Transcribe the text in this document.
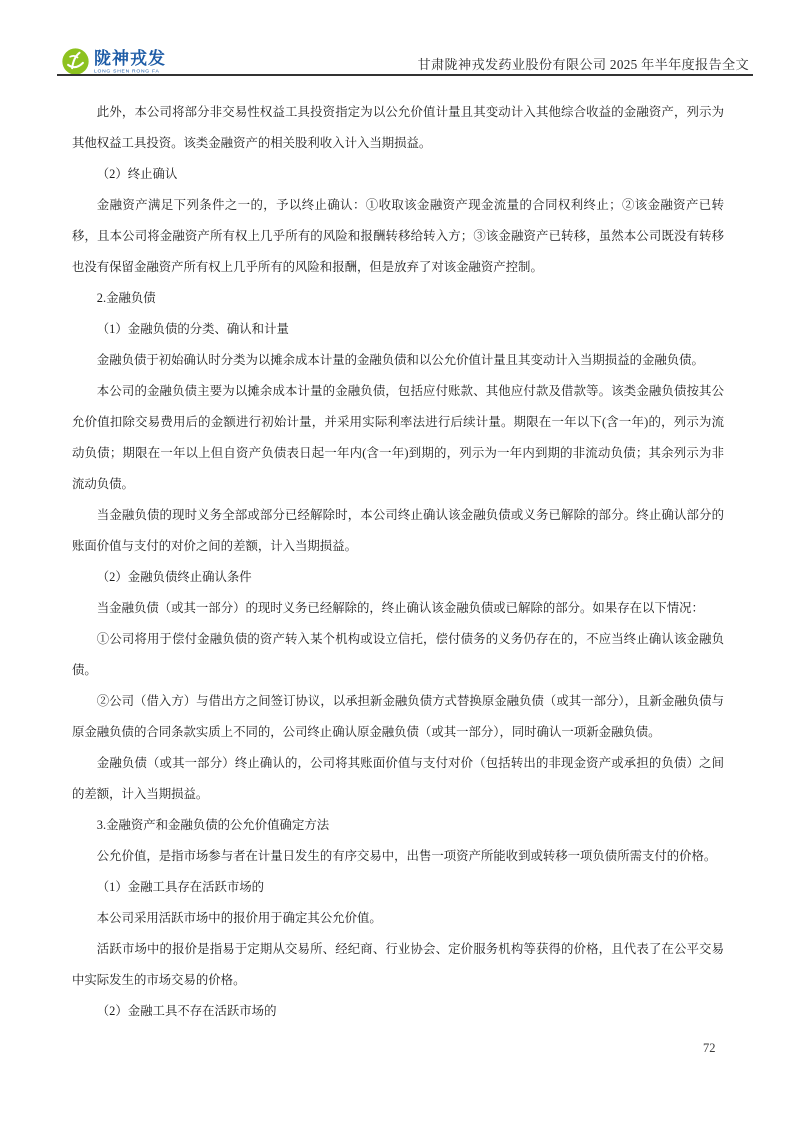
陇神戎发
LONG SHEN RONG FA	甘肃陇神戎发药业股份有限公司 2025 年半年度报告全文

此外，本公司将部分非交易性权益工具投资指定为以公允价值计量且其变动计入其他综合收益的金融资产，列示为其他权益工具投资。该类金融资产的相关股利收入计入当期损益。

（2）终止确认

金融资产满足下列条件之一的，予以终止确认：①收取该金融资产现金流量的合同权利终止；②该金融资产已转移，且本公司将金融资产所有权上几乎所有的风险和报酬转移给转入方；③该金融资产已转移，虽然本公司既没有转移也没有保留金融资产所有权上几乎所有的风险和报酬，但是放弃了对该金融资产控制。

2.金融负债

（1）金融负债的分类、确认和计量

金融负债于初始确认时分类为以摊余成本计量的金融负债和以公允价值计量且其变动计入当期损益的金融负债。

本公司的金融负债主要为以摊余成本计量的金融负债，包括应付账款、其他应付款及借款等。该类金融负债按其公允价值扣除交易费用后的金额进行初始计量，并采用实际利率法进行后续计量。期限在一年以下(含一年)的，列示为流动负债；期限在一年以上但自资产负债表日起一年内(含一年)到期的，列示为一年内到期的非流动负债；其余列示为非流动负债。

当金融负债的现时义务全部或部分已经解除时，本公司终止确认该金融负债或义务已解除的部分。终止确认部分的账面价值与支付的对价之间的差额，计入当期损益。

（2）金融负债终止确认条件

当金融负债（或其一部分）的现时义务已经解除的，终止确认该金融负债或已解除的部分。如果存在以下情况：

①公司将用于偿付金融负债的资产转入某个机构或设立信托，偿付债务的义务仍存在的，不应当终止确认该金融负债。

②公司（借入方）与借出方之间签订协议，以承担新金融负债方式替换原金融负债（或其一部分），且新金融负债与原金融负债的合同条款实质上不同的，公司终止确认原金融负债（或其一部分），同时确认一项新金融负债。

金融负债（或其一部分）终止确认的，公司将其账面价值与支付对价（包括转出的非现金资产或承担的负债）之间的差额，计入当期损益。

3.金融资产和金融负债的公允价值确定方法

公允价值，是指市场参与者在计量日发生的有序交易中，出售一项资产所能收到或转移一项负债所需支付的价格。

（1）金融工具存在活跃市场的

本公司采用活跃市场中的报价用于确定其公允价值。

活跃市场中的报价是指易于定期从交易所、经纪商、行业协会、定价服务机构等获得的价格，且代表了在公平交易中实际发生的市场交易的价格。

（2）金融工具不存在活跃市场的

72
